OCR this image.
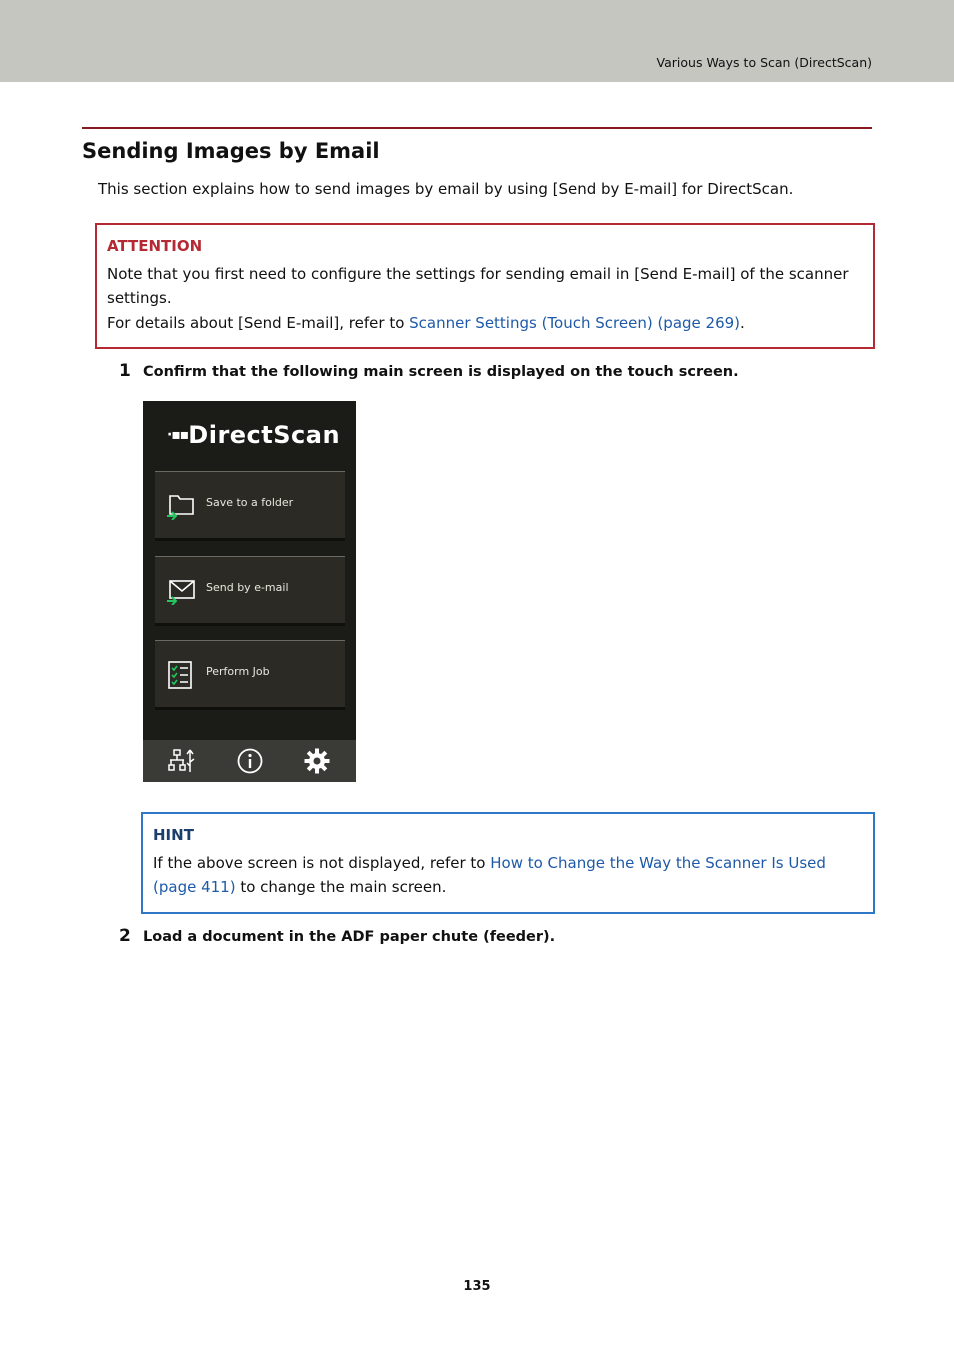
Various Ways to Scan (DirectScan)
Sending Images by Email
This section explains how to send images by email by using [Send by E-mail] for DirectScan.
ATTENTION
Note that you first need to configure the settings for sending email in [Send E-mail] of the scanner settings.
For details about [Send E-mail], refer to Scanner Settings (Touch Screen) (page 269).
1 Confirm that the following main screen is displayed on the touch screen.
·▪▪DirectScan
Save to a folder
Send by e-mail
Perform Job
HINT
If the above screen is not displayed, refer to How to Change the Way the Scanner Is Used (page 411) to change the main screen.
2 Load a document in the ADF paper chute (feeder).
135
